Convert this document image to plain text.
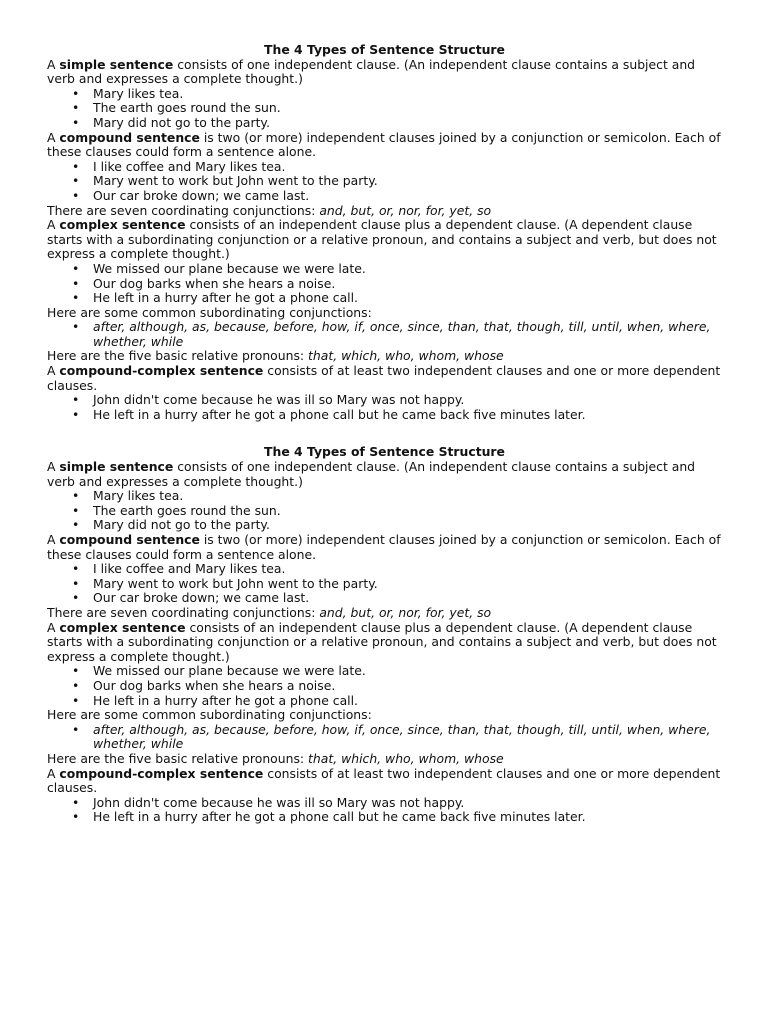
The 4 Types of Sentence Structure

A simple sentence consists of one independent clause. (An independent clause contains a subject and verb and expresses a complete thought.)

• Mary likes tea.
• The earth goes round the sun.
• Mary did not go to the party.

A compound sentence is two (or more) independent clauses joined by a conjunction or semicolon. Each of these clauses could form a sentence alone.

• I like coffee and Mary likes tea.
• Mary went to work but John went to the party.
• Our car broke down; we came last.

There are seven coordinating conjunctions: and, but, or, nor, for, yet, so

A complex sentence consists of an independent clause plus a dependent clause. (A dependent clause starts with a subordinating conjunction or a relative pronoun, and contains a subject and verb, but does not express a complete thought.)

• We missed our plane because we were late.
• Our dog barks when she hears a noise.
• He left in a hurry after he got a phone call.

Here are some common subordinating conjunctions:

• after, although, as, because, before, how, if, once, since, than, that, though, till, until, when, where, whether, while

Here are the five basic relative pronouns: that, which, who, whom, whose

A compound-complex sentence consists of at least two independent clauses and one or more dependent clauses.

• John didn't come because he was ill so Mary was not happy.
• He left in a hurry after he got a phone call but he came back five minutes later.

The 4 Types of Sentence Structure

A simple sentence consists of one independent clause. (An independent clause contains a subject and verb and expresses a complete thought.)

• Mary likes tea.
• The earth goes round the sun.
• Mary did not go to the party.

A compound sentence is two (or more) independent clauses joined by a conjunction or semicolon. Each of these clauses could form a sentence alone.

• I like coffee and Mary likes tea.
• Mary went to work but John went to the party.
• Our car broke down; we came last.

There are seven coordinating conjunctions: and, but, or, nor, for, yet, so

A complex sentence consists of an independent clause plus a dependent clause. (A dependent clause starts with a subordinating conjunction or a relative pronoun, and contains a subject and verb, but does not express a complete thought.)

• We missed our plane because we were late.
• Our dog barks when she hears a noise.
• He left in a hurry after he got a phone call.

Here are some common subordinating conjunctions:

• after, although, as, because, before, how, if, once, since, than, that, though, till, until, when, where, whether, while

Here are the five basic relative pronouns: that, which, who, whom, whose

A compound-complex sentence consists of at least two independent clauses and one or more dependent clauses.

• John didn't come because he was ill so Mary was not happy.
• He left in a hurry after he got a phone call but he came back five minutes later.
